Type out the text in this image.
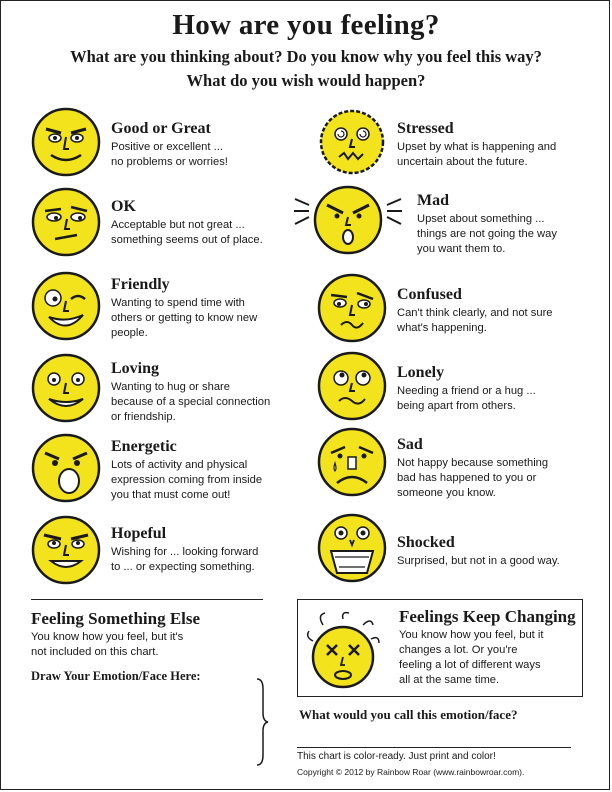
How are you feeling?
What are you thinking about? Do you know why you feel this way?
What do you wish would happen?
Good or Great
Positive or excellent ...
no problems or worries!
OK
Acceptable but not great ...
something seems out of place.
Friendly
Wanting to spend time with
others or getting to know new
people.
Loving
Wanting to hug or share
because of a special connection
or friendship.
Energetic
Lots of activity and physical
expression coming from inside
you that must come out!
Hopeful
Wishing for ... looking forward
to ... or expecting something.
Stressed
Upset by what is happening and
uncertain about the future.
Mad
Upset about something ...
things are not going the way
you want them to.
Confused
Can't think clearly, and not sure
what's happening.
Lonely
Needing a friend or a hug ...
being apart from others.
Sad
Not happy because something
bad has happened to you or
someone you know.
Shocked
Surprised, but not in a good way.
Feeling Something Else
You know how you feel, but it's
not included on this chart.
Draw Your Emotion/Face Here:
Feelings Keep Changing
You know how you feel, but it
changes a lot. Or you're
feeling a lot of different ways
all at the same time.
What would you call this emotion/face?
This chart is color-ready. Just print and color!
Copyright © 2012 by Rainbow Roar (www.rainbowroar.com).
